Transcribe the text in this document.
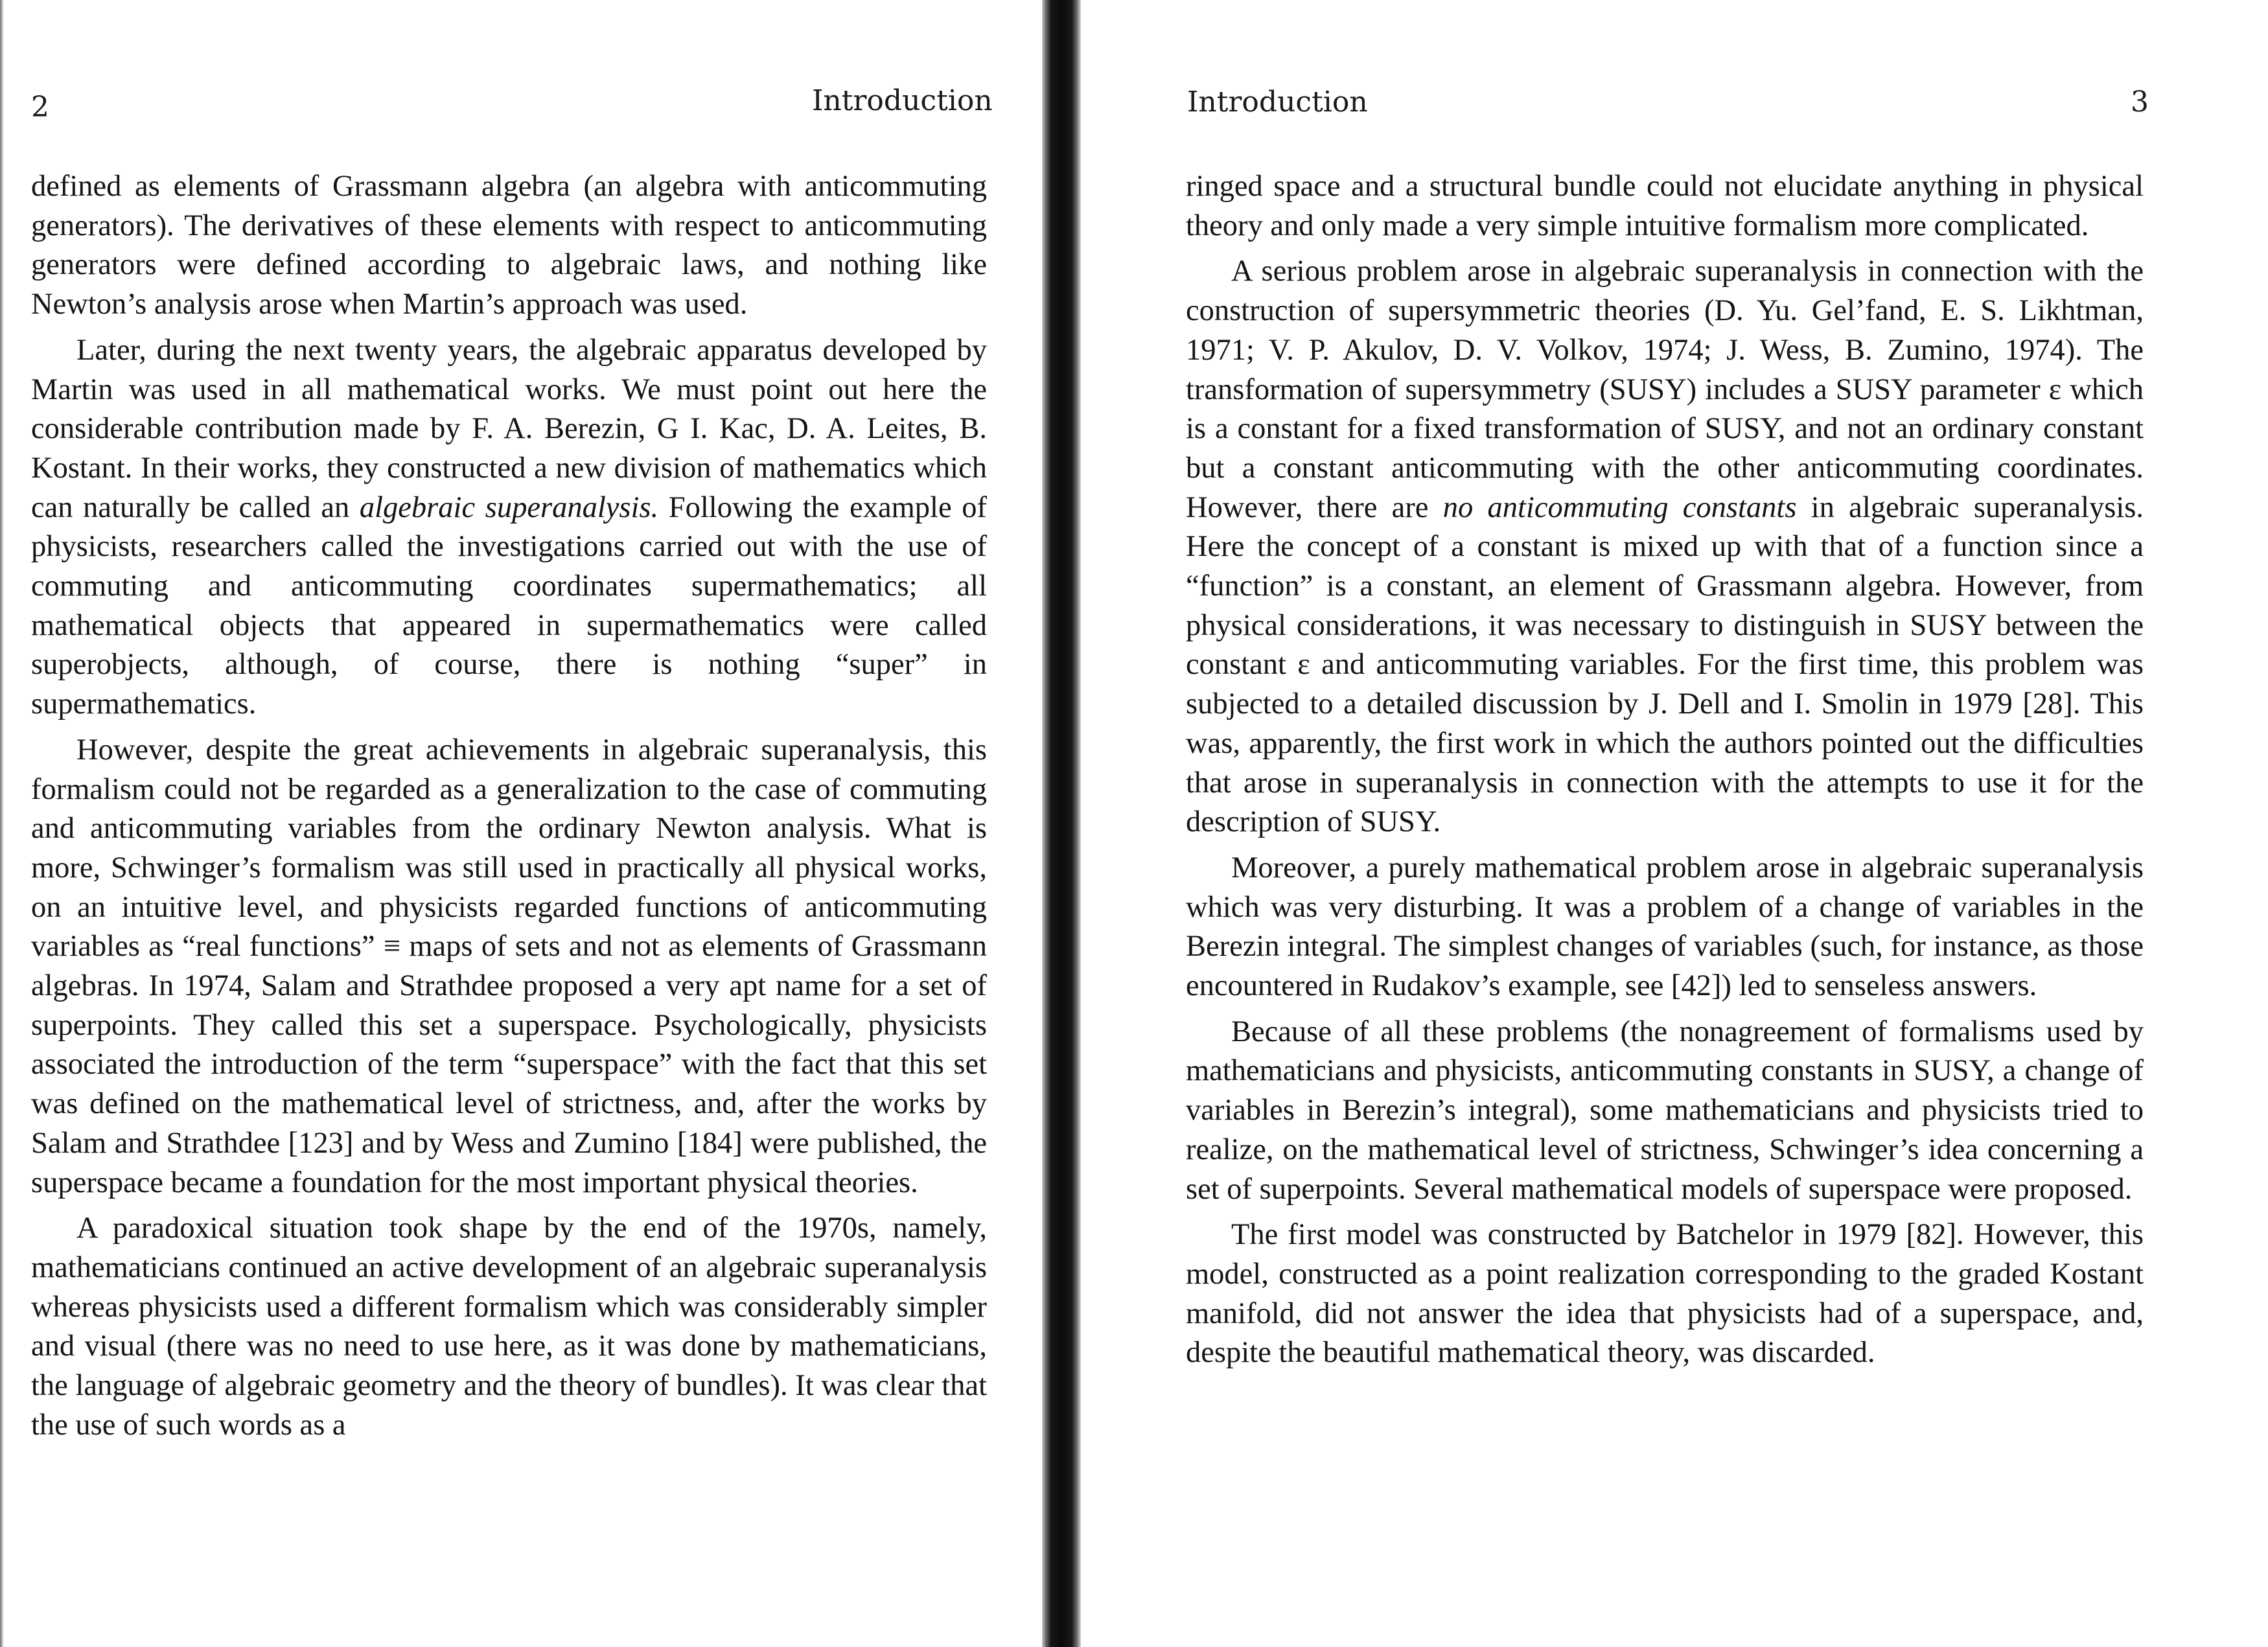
2	Introduction

defined as elements of Grassmann algebra (an algebra with anticommuting generators). The derivatives of these elements with respect to anticommuting generators were defined according to algebraic laws, and nothing like Newton’s analysis arose when Martin’s approach was used.

Later, during the next twenty years, the algebraic apparatus developed by Martin was used in all mathematical works. We must point out here the considerable contribution made by F. A. Berezin, G I. Kac, D. A. Leites, B. Kostant. In their works, they constructed a new division of mathematics which can naturally be called an algebraic superanalysis. Following the example of physicists, researchers called the investigations carried out with the use of commuting and anticommuting coordinates supermathematics; all mathematical objects that appeared in supermathematics were called superobjects, although, of course, there is nothing “super” in supermathematics.

However, despite the great achievements in algebraic superanalysis, this formalism could not be regarded as a generalization to the case of commuting and anticommuting variables from the ordinary Newton analysis. What is more, Schwinger’s formalism was still used in practically all physical works, on an intuitive level, and physicists regarded functions of anticommuting variables as “real functions” ≡ maps of sets and not as elements of Grassmann algebras. In 1974, Salam and Strathdee proposed a very apt name for a set of superpoints. They called this set a superspace. Psychologically, physicists associated the introduction of the term “superspace” with the fact that this set was defined on the mathematical level of strictness, and, after the works by Salam and Strathdee [123] and by Wess and Zumino [184] were published, the superspace became a foundation for the most important physical theories.

A paradoxical situation took shape by the end of the 1970s, namely, mathematicians continued an active development of an algebraic superanalysis whereas physicists used a different formalism which was considerably simpler and visual (there was no need to use here, as it was done by mathematicians, the language of algebraic geometry and the theory of bundles). It was clear that the use of such words as a

Introduction	3

ringed space and a structural bundle could not elucidate anything in physical theory and only made a very simple intuitive formalism more complicated.

A serious problem arose in algebraic superanalysis in connection with the construction of supersymmetric theories (D. Yu. Gel’fand, E. S. Likhtman, 1971; V. P. Akulov, D. V. Volkov, 1974; J. Wess, B. Zumino, 1974). The transformation of supersymmetry (SUSY) includes a SUSY parameter ε which is a constant for a fixed transformation of SUSY, and not an ordinary constant but a constant anticommuting with the other anticommuting coordinates. However, there are no anticommuting constants in algebraic superanalysis. Here the concept of a constant is mixed up with that of a function since a “function” is a constant, an element of Grassmann algebra. However, from physical considerations, it was necessary to distinguish in SUSY between the constant ε and anticommuting variables. For the first time, this problem was subjected to a detailed discussion by J. Dell and I. Smolin in 1979 [28]. This was, apparently, the first work in which the authors pointed out the difficulties that arose in superanalysis in connection with the attempts to use it for the description of SUSY.

Moreover, a purely mathematical problem arose in algebraic superanalysis which was very disturbing. It was a problem of a change of variables in the Berezin integral. The simplest changes of variables (such, for instance, as those encountered in Rudakov’s example, see [42]) led to senseless answers.

Because of all these problems (the nonagreement of formalisms used by mathematicians and physicists, anticommuting constants in SUSY, a change of variables in Berezin’s integral), some mathematicians and physicists tried to realize, on the mathematical level of strictness, Schwinger’s idea concerning a set of superpoints. Several mathematical models of superspace were proposed.

The first model was constructed by Batchelor in 1979 [82]. However, this model, constructed as a point realization corresponding to the graded Kostant manifold, did not answer the idea that physicists had of a superspace, and, despite the beautiful mathematical theory, was discarded.
